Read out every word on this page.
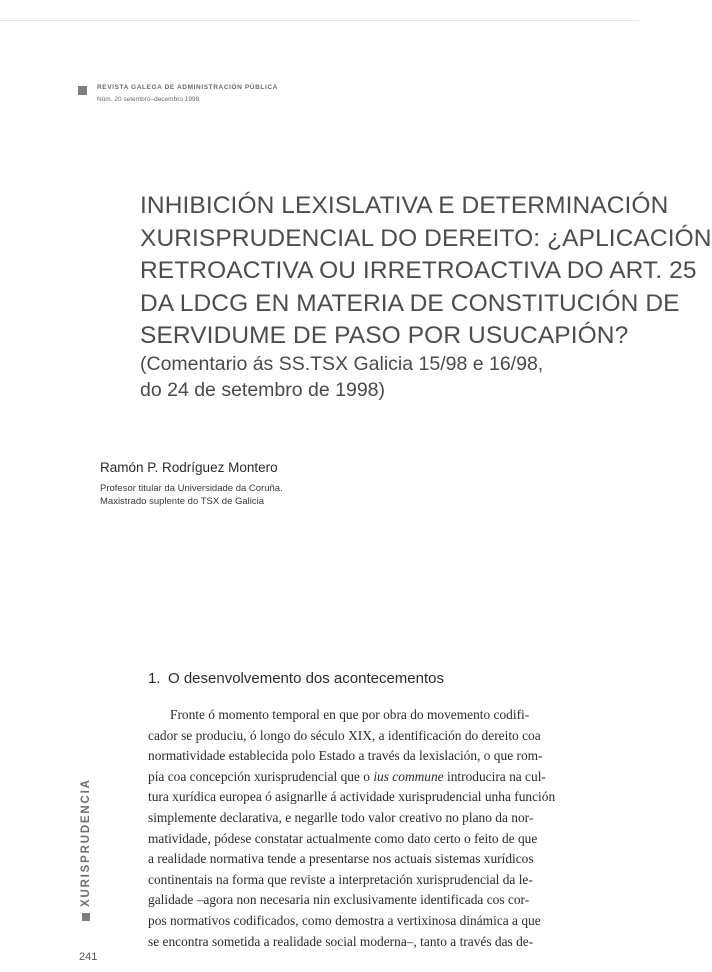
REVISTA GALEGA DE ADMINISTRACIÓN PÚBLICA
Núm. 20 setembro–decembro 1998
INHIBICIÓN LEXISLATIVA E DETERMINACIÓN
XURISPRUDENCIAL DO DEREITO: ¿APLICACIÓN
RETROACTIVA OU IRRETROACTIVA DO ART. 25
DA LDCG EN MATERIA DE CONSTITUCIÓN DE
SERVIDUME DE PASO POR USUCAPIÓN?
(Comentario ás SS.TSX Galicia 15/98 e 16/98,
do 24 de setembro de 1998)
Ramón P. Rodríguez Montero
Profesor titular da Universidade da Coruña.
Maxistrado suplente do TSX de Galicia
1. O desenvolvemento dos acontecementos
Fronte ó momento temporal en que por obra do movemento codifi-
cador se produciu, ó longo do século XIX, a identificación do dereito coa
normatividade establecida polo Estado a través da lexislación, o que rom-
pía coa concepción xurisprudencial que o ius commune introducira na cul-
tura xurídica europea ó asignarlle á actividade xurisprudencial unha función
simplemente declarativa, e negarlle todo valor creativo no plano da nor-
matividade, pódese constatar actualmente como dato certo o feito de que
a realidade normativa tende a presentarse nos actuais sistemas xurídicos
continentais na forma que reviste a interpretación xurisprudencial da le-
galidade –agora non necesaria nin exclusivamente identificada cos cor-
pos normativos codificados, como demostra a vertixinosa dinámica a que
se encontra sometida a realidade social moderna–, tanto a través das de-
XURISPRUDENCIA
241
